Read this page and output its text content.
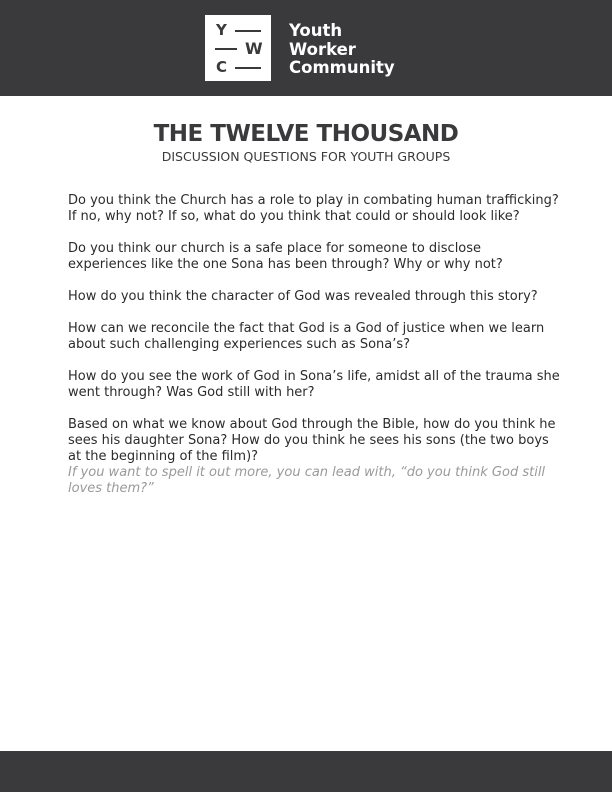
Y
W
C
Youth
Worker
Community
THE TWELVE THOUSAND
DISCUSSION QUESTIONS FOR YOUTH GROUPS

Do you think the Church has a role to play in combating human trafficking? If no, why not? If so, what do you think that could or should look like?

Do you think our church is a safe place for someone to disclose experiences like the one Sona has been through? Why or why not?

How do you think the character of God was revealed through this story?

How can we reconcile the fact that God is a God of justice when we learn about such challenging experiences such as Sona’s?

How do you see the work of God in Sona’s life, amidst all of the trauma she went through? Was God still with her?

Based on what we know about God through the Bible, how do you think he sees his daughter Sona? How do you think he sees his sons (the two boys at the beginning of the film)?
If you want to spell it out more, you can lead with, “do you think God still loves them?”
